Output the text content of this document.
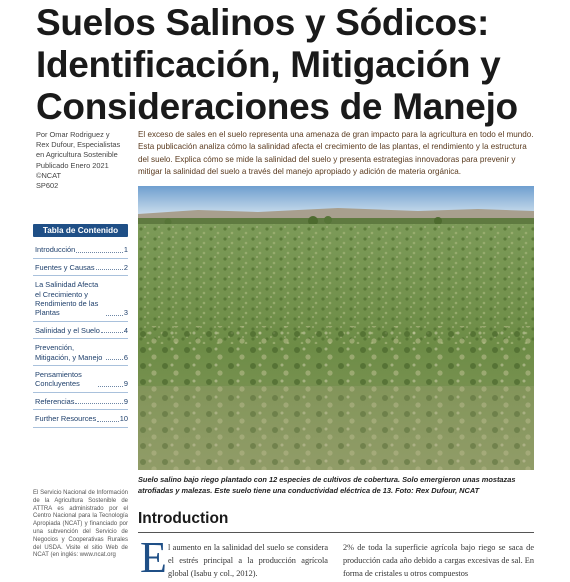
Suelos Salinos y Sódicos:
Identificación, Mitigación y
Consideraciones de Manejo
Por Omar Rodriguez y
Rex Dufour, Especialistas
en Agricultura Sostenible
Publicado Enero 2021
©NCAT
SP602

El exceso de sales en el suelo representa una amenaza de gran impacto para la agricultura en todo el mundo. Esta publicación analiza cómo la salinidad afecta el crecimiento de las plantas, el rendimiento y la estructura del suelo. Explica cómo se mide la salinidad del suelo y presenta estrategias innovadoras para prevenir y mitigar la salinidad del suelo a través del manejo apropiado y adición de materia orgánica.

Tabla de Contenido
Introducción	1
Fuentes y Causas	2
La Salinidad Afecta el Crecimiento y Rendimiento de las Plantas	3
Salinidad y el Suelo	4
Prevención, Mitigación, y Manejo	6
Pensamientos Concluyentes	9
Referencias	9
Further Resources	10

El Servicio Nacional de Información de la Agricultura Sostenible de ATTRA es administrado por el Centro Nacional para la Tecnología Apropiada (NCAT) y financiado por una subvención del Servicio de Negocios y Cooperativas Rurales del USDA. Visite el sitio Web de NCAT (en inglés: www.ncat.org

Suelo salino bajo riego plantado con 12 especies de cultivos de cobertura. Solo emergieron unas mostazas atrofiadas y malezas. Este suelo tiene una conductividad eléctrica de 13. Foto: Rex Dufour, NCAT

Introduction
E l aumento en la salinidad del suelo se considera el estrés principal a la producción agrícola global (Isabu y col., 2012).

2% de toda la superficie agrícola bajo riego se saca de producción cada año debido a cargas excesivas de sal. En forma de cristales u otros compuestos
